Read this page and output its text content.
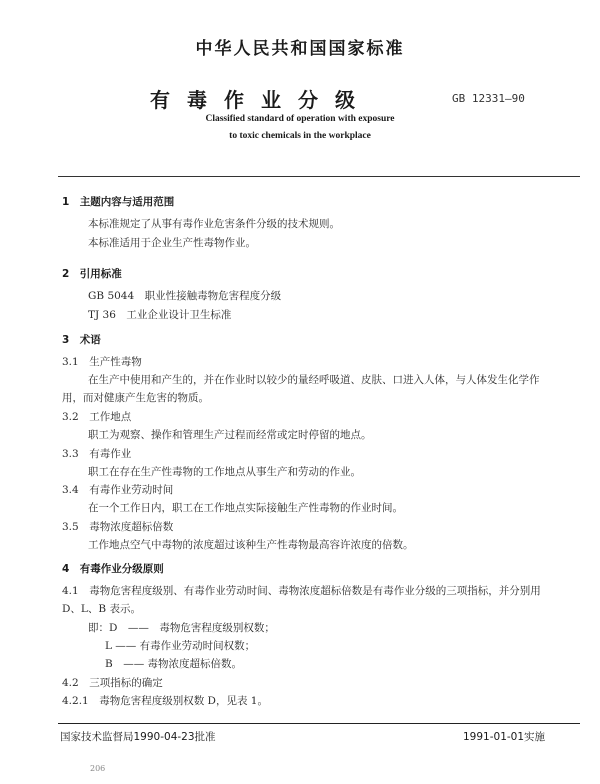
中华人民共和国国家标准
有毒作业分级	GB 12331—90
Classified standard of operation with exposure
to toxic chemicals in the workplace
1　主题内容与适用范围
本标准规定了从事有毒作业危害条件分级的技术规则。
本标准适用于企业生产性毒物作业。
2　引用标准
GB 5044　职业性接触毒物危害程度分级
TJ 36　工业企业设计卫生标准
3　术语
3.1　生产性毒物
在生产中使用和产生的，并在作业时以较少的量经呼吸道、皮肤、口进入人体，与人体发生化学作
用，而对健康产生危害的物质。
3.2　工作地点
职工为观察、操作和管理生产过程而经常或定时停留的地点。
3.3　有毒作业
职工在存在生产性毒物的工作地点从事生产和劳动的作业。
3.4　有毒作业劳动时间
在一个工作日内，职工在工作地点实际接触生产性毒物的作业时间。
3.5　毒物浓度超标倍数
工作地点空气中毒物的浓度超过该种生产性毒物最高容许浓度的倍数。
4　有毒作业分级原则
4.1　毒物危害程度级别、有毒作业劳动时间、毒物浓度超标倍数是有毒作业分级的三项指标，并分别用
D、L、B 表示。
即：D　——　毒物危害程度级别权数；
L —— 有毒作业劳动时间权数；
B　—— 毒物浓度超标倍数。
4.2　三项指标的确定
4.2.1　毒物危害程度级别权数 D，见表 1。
国家技术监督局1990-04-23批准	1991-01-01实施
206
